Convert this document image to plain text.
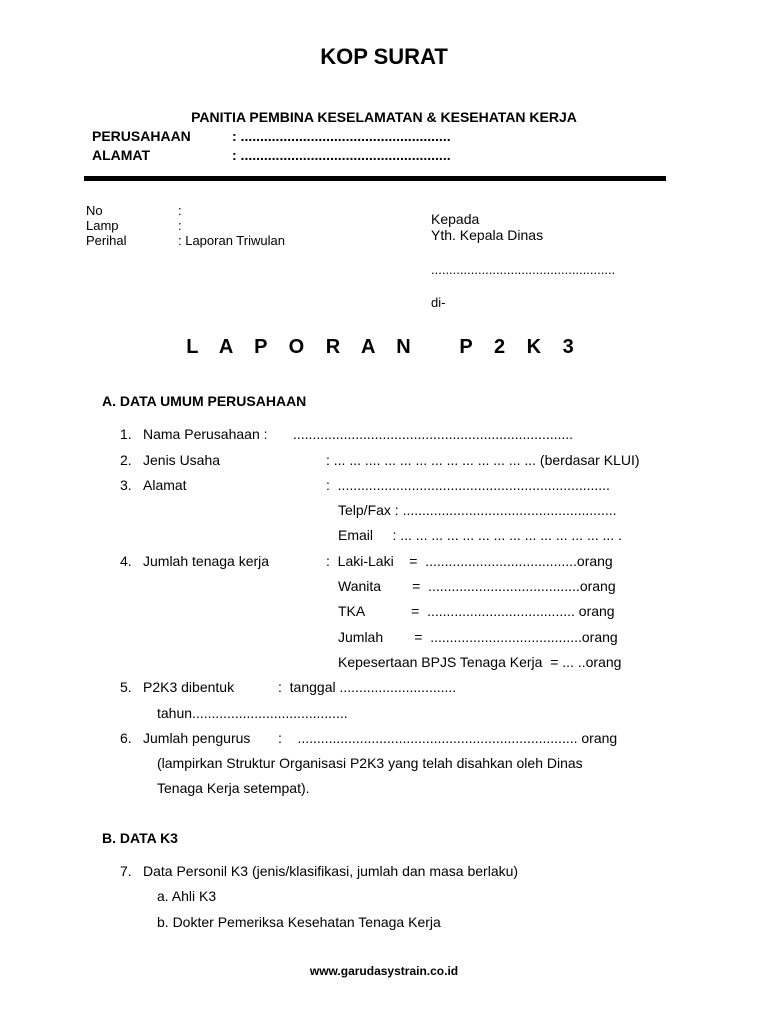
KOP SURAT
PANITIA PEMBINA KESELAMATAN & KESEHATAN KERJA
PERUSAHAAN	: ......................................................
ALAMAT	: ......................................................
No	:
Lamp	:
Perihal	: Laporan Triwulan
Kepada
Yth. Kepala Dinas
...................................................
di-
L A P O R A N   P 2 K 3
A. DATA UMUM PERUSAHAAN
1. Nama Perusahaan : ........................................................................
2. Jenis Usaha	: ... ... .... ... ... ... ... ... ... ... ... ... ... (berdasar KLUI)
3. Alamat	:  ......................................................................
Telp/Fax : .......................................................
Email     : ... ... ... ... ... ... ... ... ... ... ... ... ... ... .
4. Jumlah tenaga kerja	:  Laki-Laki    =  .......................................orang
Wanita        =  .......................................orang
TKA            =  ...................................... orang
Jumlah        =  .......................................orang
Kepesertaan BPJS Tenaga Kerja  = ... ..orang
5. P2K3 dibentuk	:  tanggal ..............................
tahun........................................
6. Jumlah pengurus :    ........................................................................ orang
(lampirkan Struktur Organisasi P2K3 yang telah disahkan oleh Dinas
Tenaga Kerja setempat).
B. DATA K3
7. Data Personil K3 (jenis/klasifikasi, jumlah dan masa berlaku)
a. Ahli K3
b. Dokter Pemeriksa Kesehatan Tenaga Kerja
www.garudasystrain.co.id
